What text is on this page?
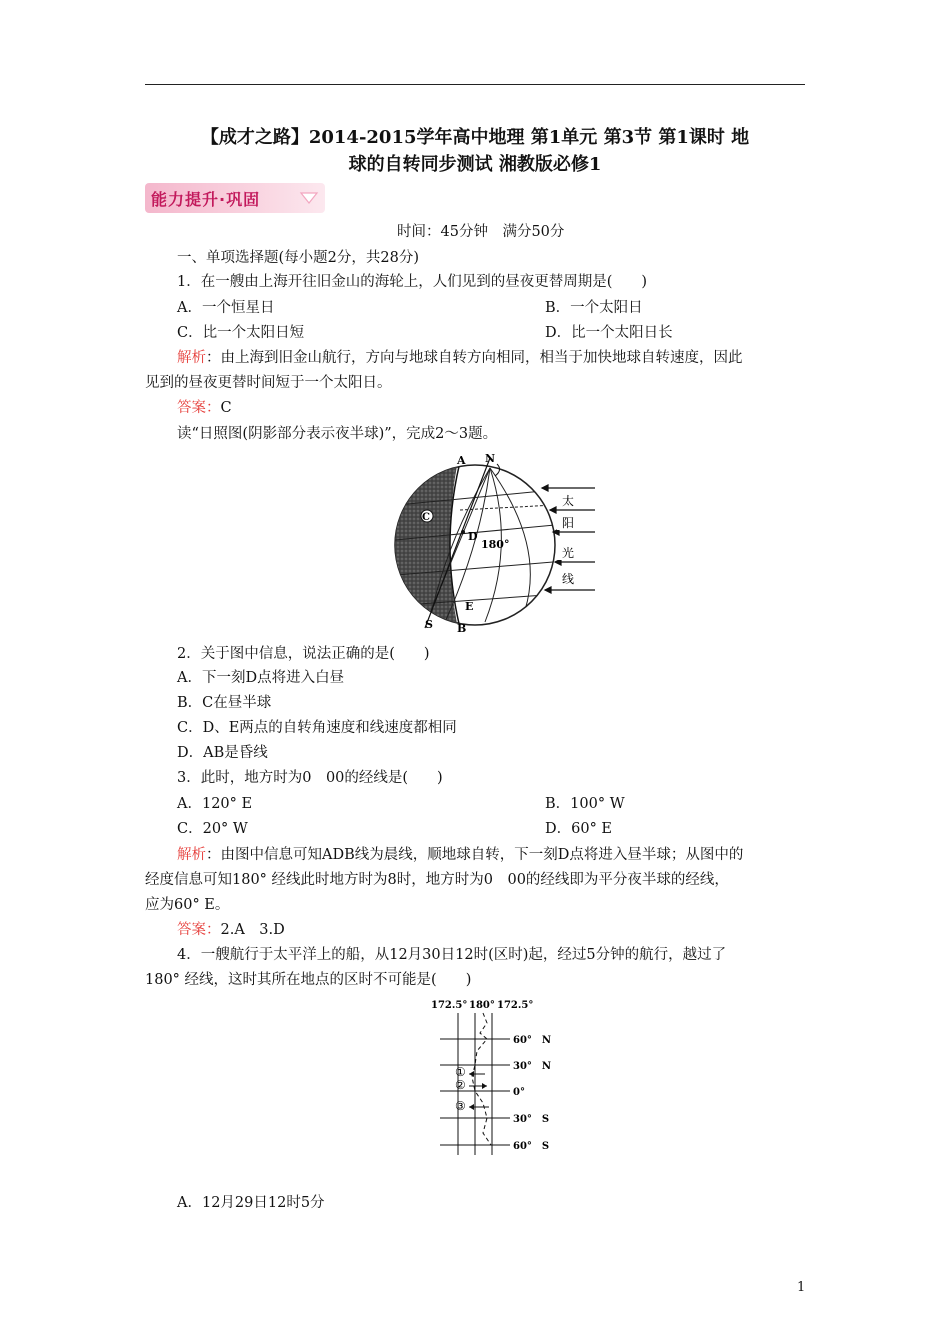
【成才之路】2014-2015学年高中地理 第1单元 第3节 第1课时 地
球的自转同步测试 湘教版必修1
能力提升·巩固
时间：45分钟　满分50分
一、单项选择题(每小题2分，共28分)
1．在一艘由上海开往旧金山的海轮上，人们见到的昼夜更替周期是(　　)
A．一个恒星日	B．一个太阳日
C．比一个太阳日短	D．比一个太阳日长
解析：由上海到旧金山航行，方向与地球自转方向相同，相当于加快地球自转速度，因此
见到的昼夜更替时间短于一个太阳日。
答案：C
读“日照图(阴影部分表示夜半球)”，完成2～3题。
A N
C
D
180°
E
S B
太
阳
光
线
2．关于图中信息，说法正确的是(　　)
A．下一刻D点将进入白昼
B．C在昼半球
C．D、E两点的自转角速度和线速度都相同
D．AB是昏线
3．此时，地方时为0　00的经线是(　　)
A．120° E	B．100° W
C．20° W	D．60° E
解析：由图中信息可知ADB线为晨线，顺地球自转，下一刻D点将进入昼半球；从图中的
经度信息可知180° 经线此时地方时为8时，地方时为0　00的经线即为平分夜半球的经线，
应为60° E。
答案：2.A　3.D
4．一艘航行于太平洋上的船，从12月30日12时(区时)起，经过5分钟的航行，越过了
180° 经线，这时其所在地点的区时不可能是(　　)
172.5° 180° 172.5°
60°　N
30°　N
0°
30°　S
60°　S
①
②
③
A．12月29日12时5分
1
